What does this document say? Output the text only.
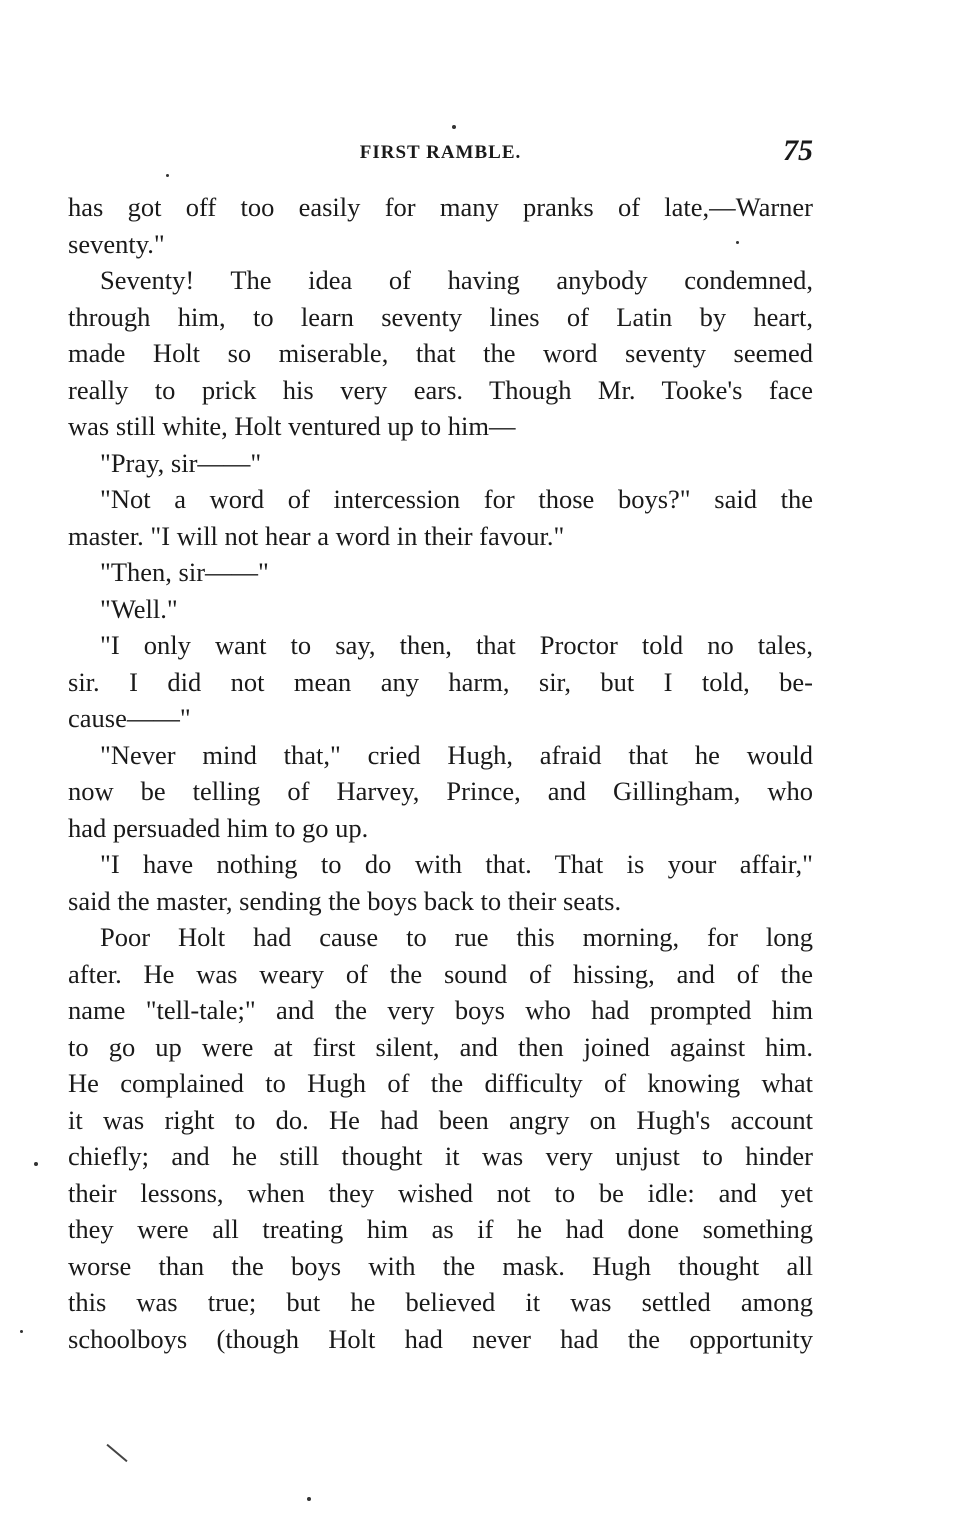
FIRST RAMBLE.	75
has got off too easily for many pranks of late,—Warner
seventy."
Seventy! The idea of having anybody condemned,
through him, to learn seventy lines of Latin by heart,
made Holt so miserable, that the word seventy seemed
really to prick his very ears. Though Mr. Tooke's face
was still white, Holt ventured up to him—
"Pray, sir——"
"Not a word of intercession for those boys?" said the
master. "I will not hear a word in their favour."
"Then, sir——"
"Well."
"I only want to say, then, that Proctor told no tales,
sir. I did not mean any harm, sir, but I told, be-
cause——"
"Never mind that," cried Hugh, afraid that he would
now be telling of Harvey, Prince, and Gillingham, who
had persuaded him to go up.
"I have nothing to do with that. That is your affair,"
said the master, sending the boys back to their seats.
Poor Holt had cause to rue this morning, for long
after. He was weary of the sound of hissing, and of the
name "tell-tale;" and the very boys who had prompted him
to go up were at first silent, and then joined against him.
He complained to Hugh of the difficulty of knowing what
it was right to do. He had been angry on Hugh's account
chiefly; and he still thought it was very unjust to hinder
their lessons, when they wished not to be idle: and yet
they were all treating him as if he had done something
worse than the boys with the mask. Hugh thought all
this was true; but he believed it was settled among
schoolboys (though Holt had never had the opportunity
